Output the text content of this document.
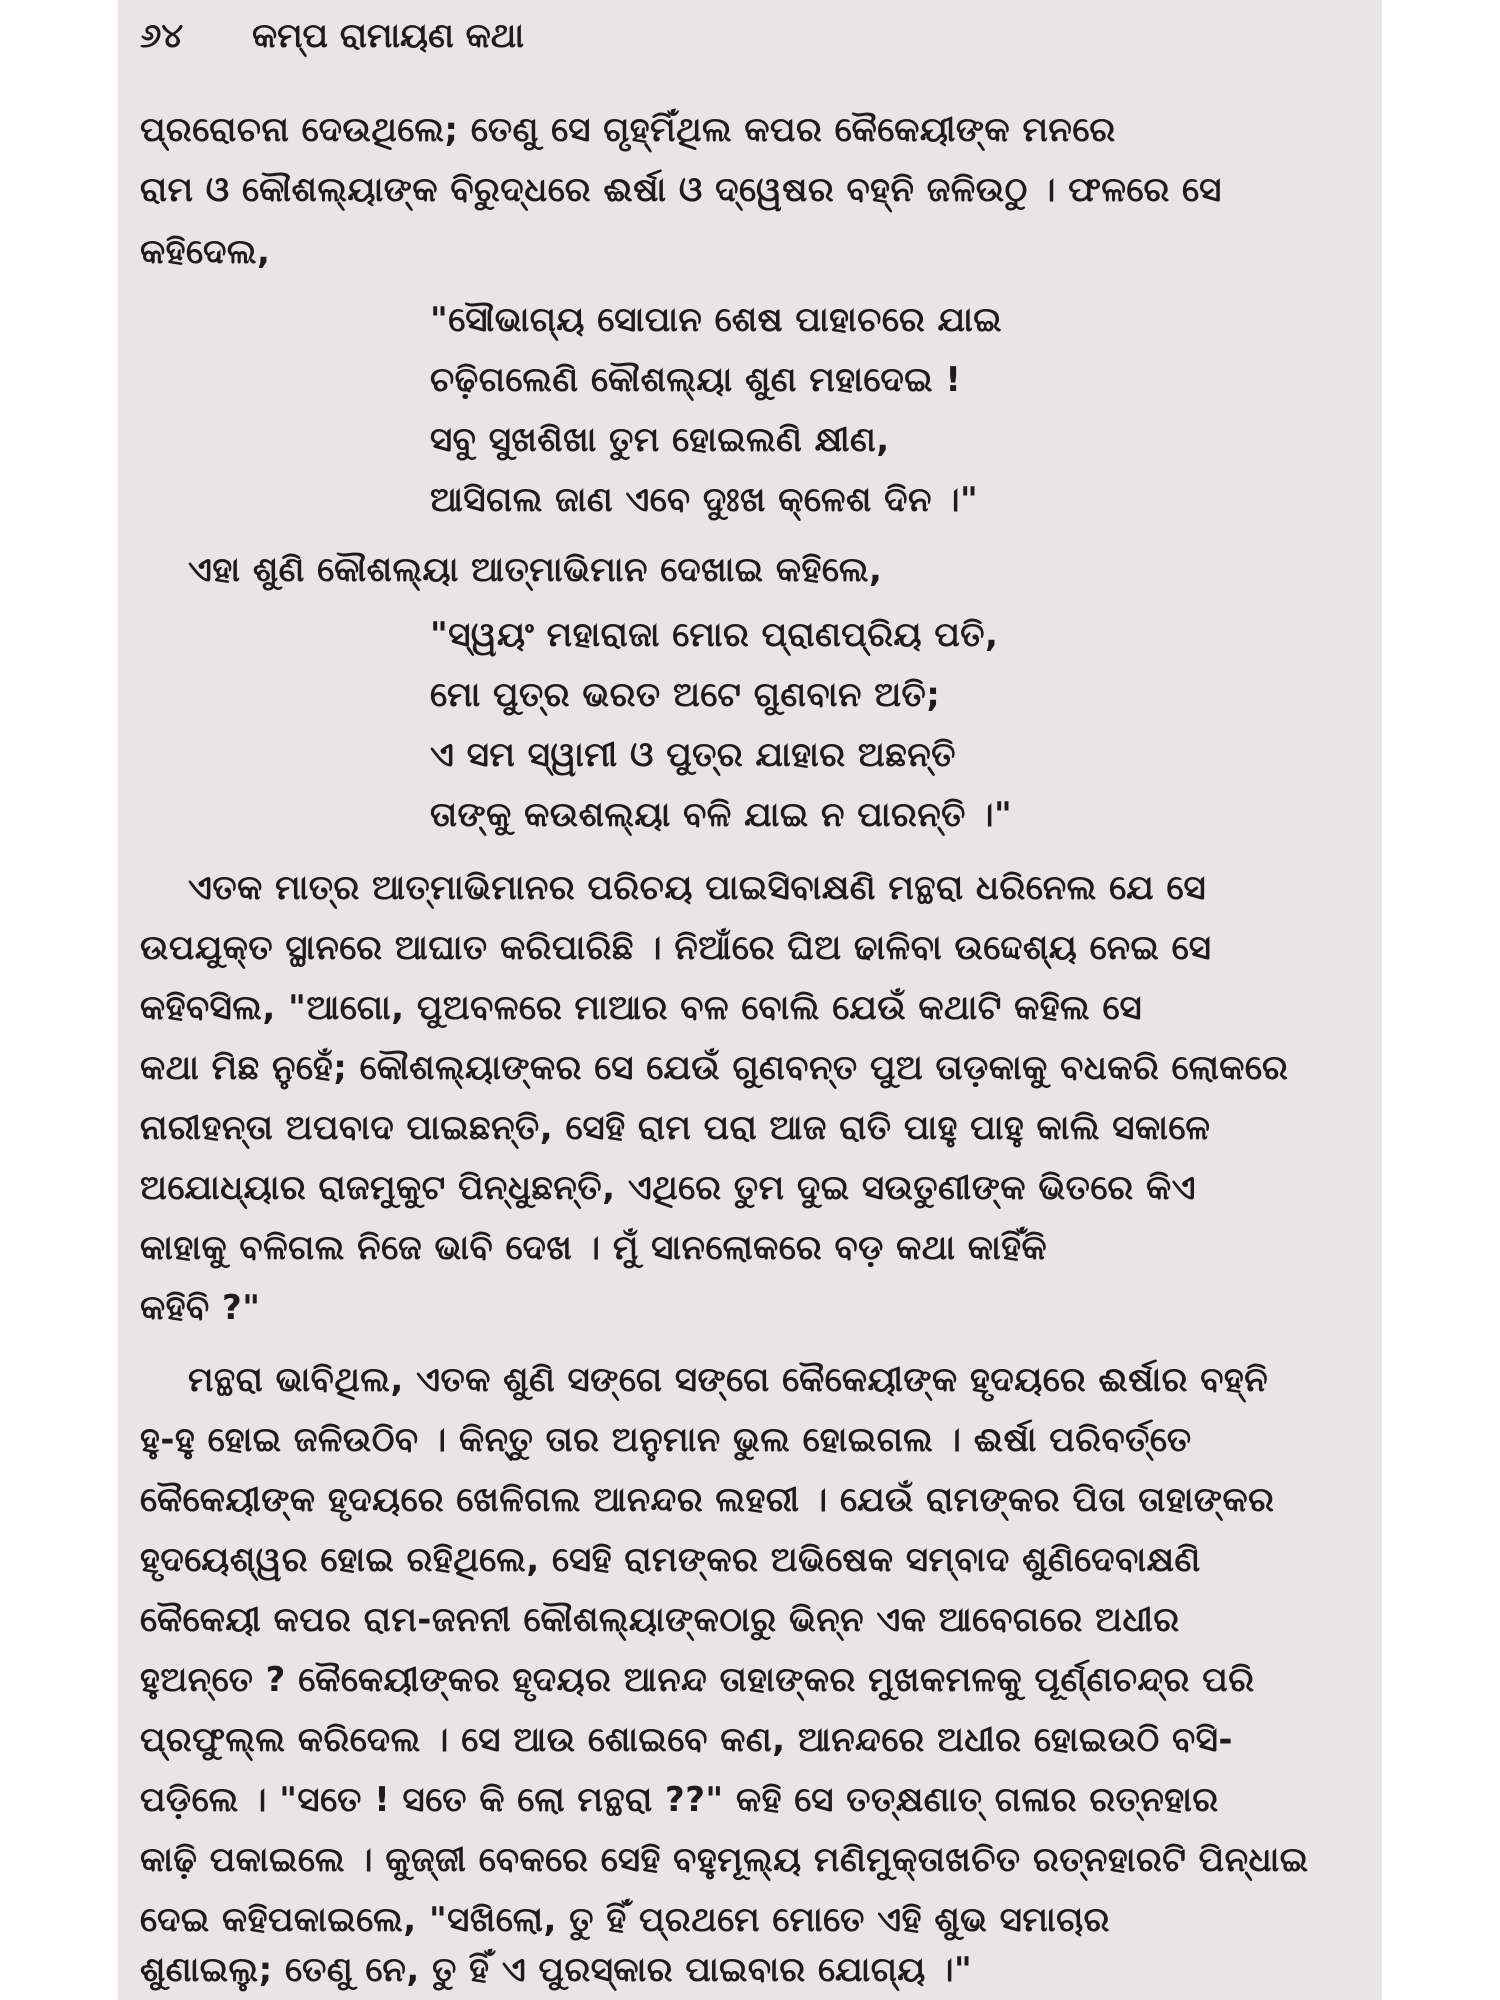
୬୪	କମ୍ପ ରାମାୟଣ କଥା
ପ୍ରରୋଚନା ଦେଉଥିଲେ; ତେଣୁ ସେ ଗୃହ୍ମିଁଥିଲ କପର କୈକେୟୀଙ୍କ ମନରେ
ରାମ ଓ କୌଶଲ୍ୟାଙ୍କ ବିରୁଦ୍ଧରେ ଈର୍ଷା ଓ ଦ୍ୱେଷର ବହ୍ନି ଜଳିଉଠୁ । ଫଳରେ ସେ
କହିଦେଲ,
"ସୌଭାଗ୍ୟ ସୋପାନ ଶେଷ ପାହାଚରେ ଯାଇ
ଚଢ଼ିଗଲେଣି କୌଶଲ୍ୟା ଶୁଣ ମହାଦେଇ !
ସବୁ ସୁଖଶିଖା ତୁମ ହୋଇଲଣି କ୍ଷୀଣ,
ଆସିଗଲ ଜାଣ ଏବେ ଦୁଃଖ କ୍ଳେଶ ଦିନ ।"
ଏହା ଶୁଣି କୌଶଲ୍ୟା ଆତ୍ମାଭିମାନ ଦେଖାଇ କହିଲେ,
"ସ୍ୱୟଂ ମହାରାଜା ମୋର ପ୍ରାଣପ୍ରିୟ ପତି,
ମୋ ପୁତ୍ର ଭରତ ଅଟେ ଗୁଣବାନ ଅତି;
ଏ ସମ ସ୍ୱାମୀ ଓ ପୁତ୍ର ଯାହାର ଅଛନ୍ତି
ତାଙ୍କୁ କଉଶଲ୍ୟା ବଳି ଯାଇ ନ ପାରନ୍ତି ।"
ଏତକ ମାତ୍ର ଆତ୍ମାଭିମାନର ପରିଚୟ ପାଇସିବାକ୍ଷଣି ମନ୍ଥରା ଧରିନେଲ ଯେ ସେ
ଉପଯୁକ୍ତ ସ୍ଥାନରେ ଆଘାତ କରିପାରିଛି । ନିଆଁରେ ଘିଅ ଢାଳିବା ଉଦ୍ଦେଶ୍ୟ ନେଇ ସେ
କହିବସିଲ, "ଆଗୋ, ପୁଅବଳରେ ମାଆର ବଳ ବୋଲି ଯେଉଁ କଥାଟି କହିଲ ସେ
କଥା ମିଛ ନୁହେଁ; କୌଶଲ୍ୟାଙ୍କର ସେ ଯେଉଁ ଗୁଣବନ୍ତ ପୁଅ ତାଡ଼କାକୁ ବଧକରି ଲୋକରେ
ନାରୀହନ୍ତା ଅପବାଦ ପାଇଛନ୍ତି, ସେହି ରାମ ପରା ଆଜ ରାତି ପାହୁ ପାହୁ କାଲି ସକାଳେ
ଅଯୋଧ୍ୟାର ରାଜମୁକୁଟ ପିନ୍ଧୁଛନ୍ତି, ଏଥିରେ ତୁମ ଦୁଇ ସଉତୁଣୀଙ୍କ ଭିତରେ କିଏ
କାହାକୁ ବଳିଗଲ ନିଜେ ଭାବି ଦେଖ । ମୁଁ ସାନଲୋକରେ ବଡ଼ କଥା କାହିଁକି
କହିବି ?"
ମନ୍ଥରା ଭାବିଥିଲ, ଏତକ ଶୁଣି ସଙ୍ଗେ ସଙ୍ଗେ କୈକେୟୀଙ୍କ ହୃଦୟରେ ଈର୍ଷାର ବହ୍ନି
ହୁ-ହୁ ହୋଇ ଜଳିଉଠିବ । କିନ୍ତୁ ତାର ଅନୁମାନ ଭୁଲ ହୋଇଗଲ । ଈର୍ଷା ପରିବର୍ତ୍ତେ
କୈକେୟୀଙ୍କ ହୃଦୟରେ ଖେଳିଗଲ ଆନନ୍ଦର ଲହରୀ । ଯେଉଁ ରାମଙ୍କର ପିତା ତାହାଙ୍କର
ହୃଦୟେଶ୍ୱର ହୋଇ ରହିଥିଲେ, ସେହି ରାମଙ୍କର ଅଭିଷେକ ସମ୍ବାଦ ଶୁଣିଦେବାକ୍ଷଣି
କୈକେୟୀ କପର ରାମ-ଜନନୀ କୌଶଲ୍ୟାଙ୍କଠାରୁ ଭିନ୍ନ ଏକ ଆବେଗରେ ଅଧୀର
ହୁଅନ୍ତେ ? କୈକେୟୀଙ୍କର ହୃଦୟର ଆନନ୍ଦ ତାହାଙ୍କର ମୁଖକମଳକୁ ପୂର୍ଣ୍ଣଚନ୍ଦ୍ର ପରି
ପ୍ରଫୁଲ୍ଲ କରିଦେଲ । ସେ ଆଉ ଶୋଇବେ କଣ, ଆନନ୍ଦରେ ଅଧୀର ହୋଇଉଠି ବସି-
ପଡ଼ିଲେ । "ସତେ ! ସତେ କି ଲୋ ମନ୍ଥରା ??" କହି ସେ ତତ୍କ୍ଷଣାତ୍ ଗଳାର ରତ୍ନହାର
କାଢ଼ି ପକାଇଲେ । କୁଜ୍ଜୀ ବେକରେ ସେହି ବହୁମୂଲ୍ୟ ମଣିମୁକ୍ତାଖଚିତ ରତ୍ନହାରଟି ପିନ୍ଧାଇ
ଦେଇ କହିପକାଇଲେ, "ସଖିଲୋ, ତୁ ହିଁ ପ୍ରଥମେ ମୋତେ ଏହି ଶୁଭ ସମାଚାର
ଶୁଣାଇଲୁ; ତେଣୁ ନେ, ତୁ ହିଁ ଏ ପୁରସ୍କାର ପାଇବାର ଯୋଗ୍ୟ ।"
